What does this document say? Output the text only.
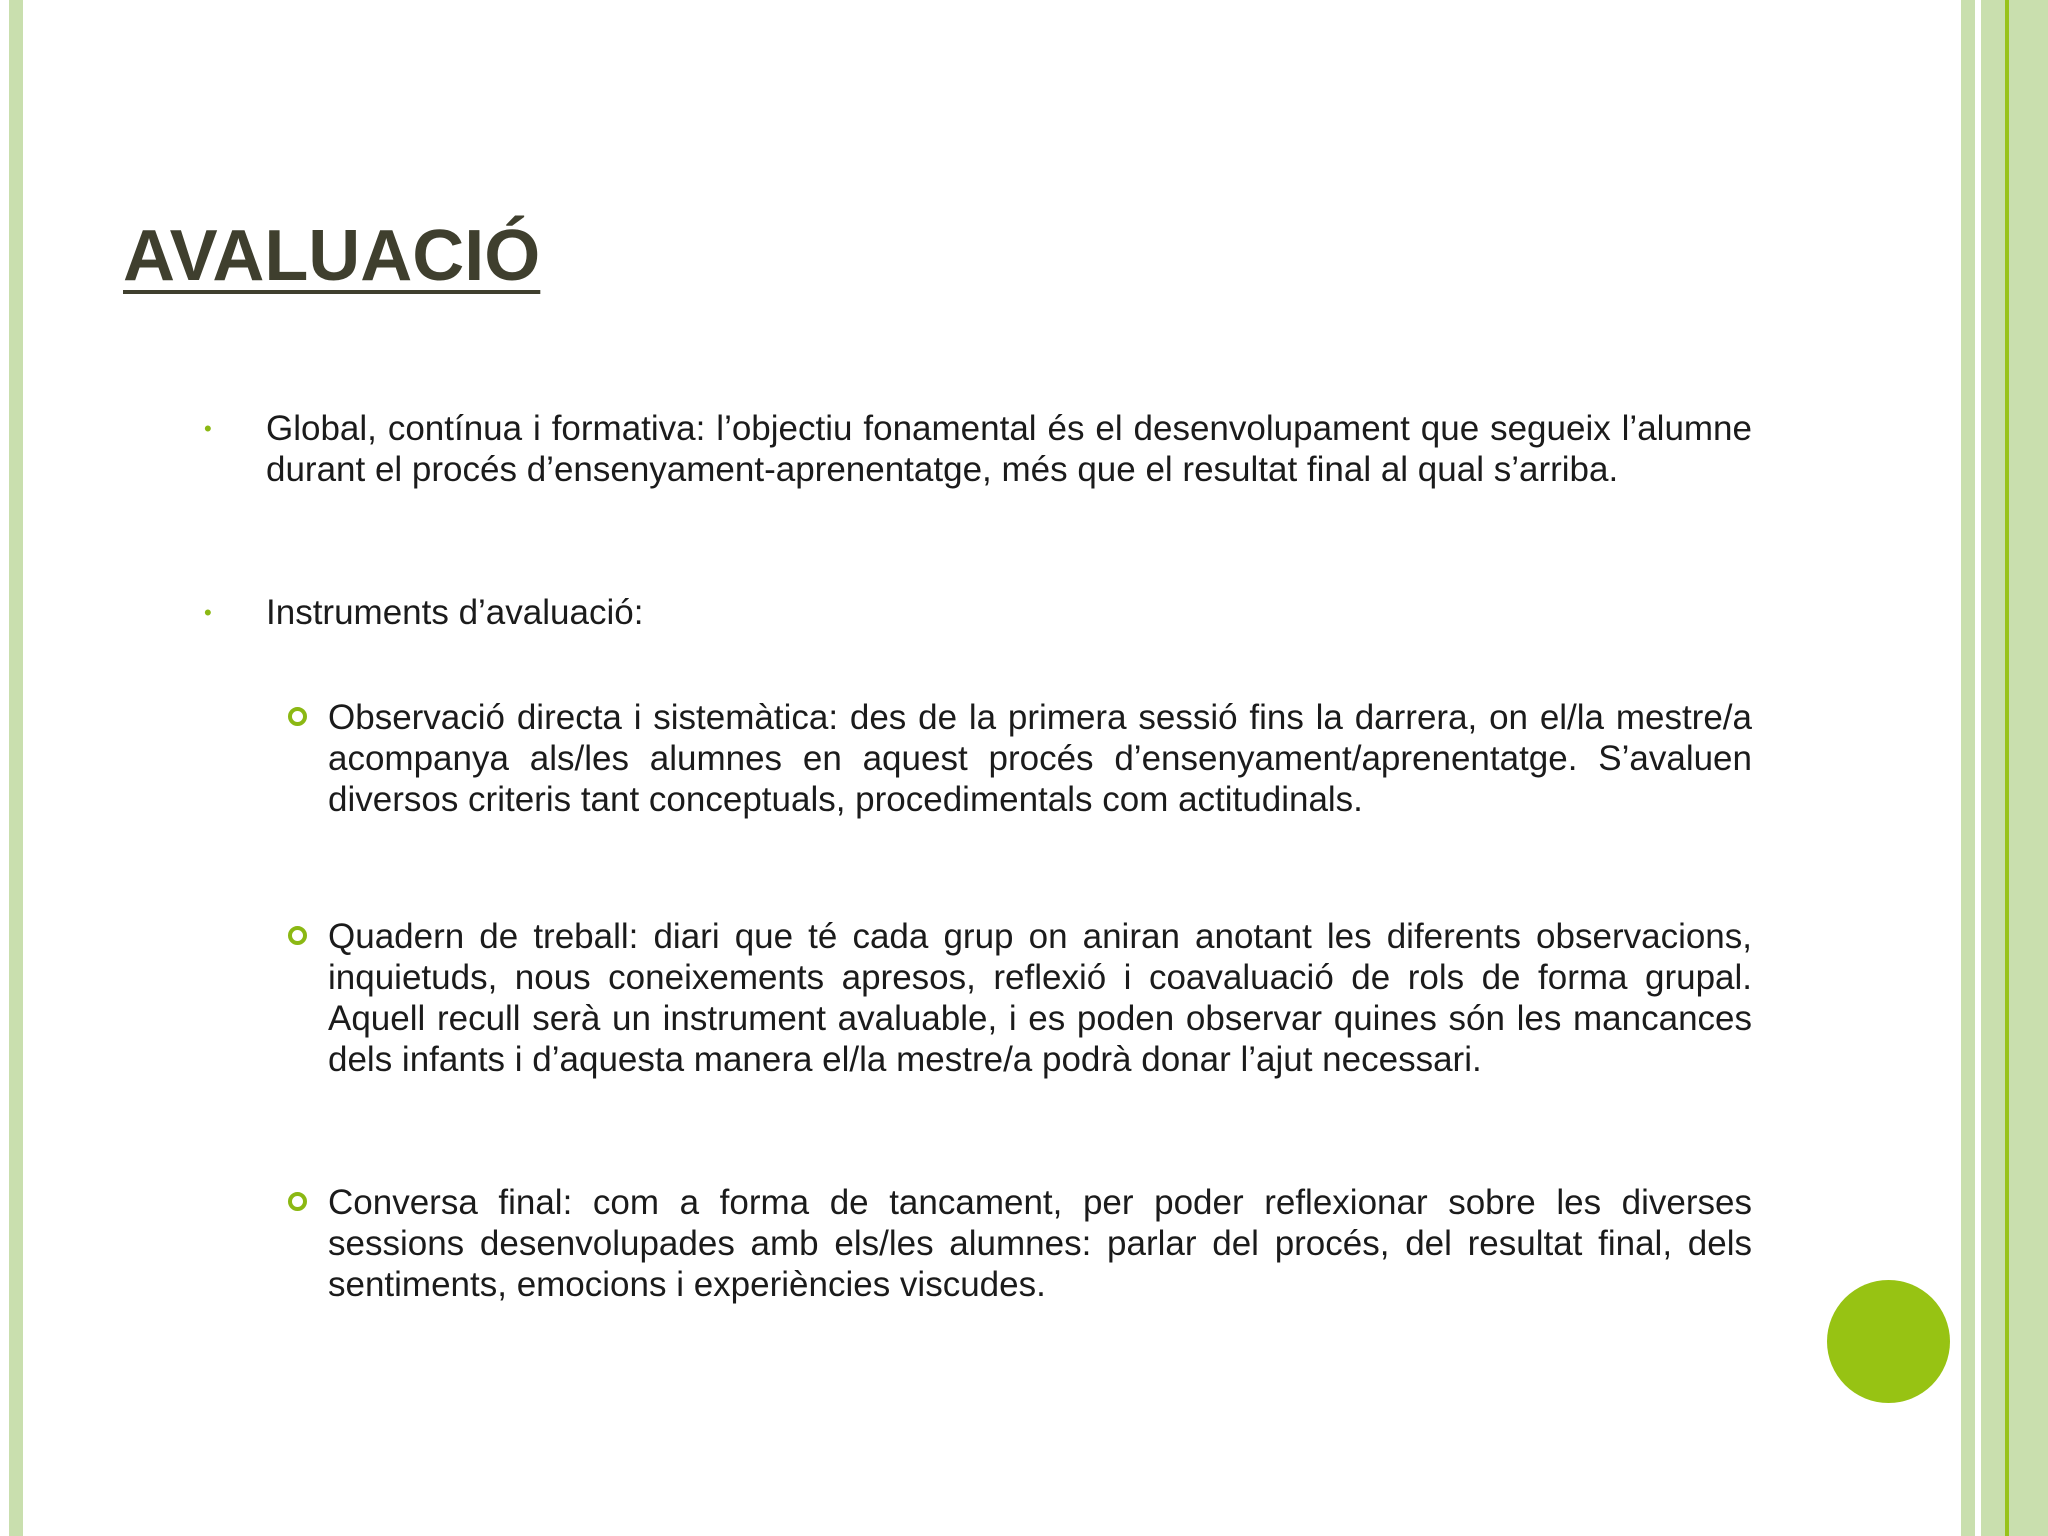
AVALUACIÓ
• Global, contínua i formativa: l’objectiu fonamental és el desenvolupament que segueix l’alumne durant el procés d’ensenyament-aprenentatge, més que el resultat final al qual s’arriba.
• Instruments d’avaluació:
Observació directa i sistemàtica: des de la primera sessió fins la darrera, on el/la mestre/a acompanya als/les alumnes en aquest procés d’ensenyament/aprenentatge. S’avaluen diversos criteris tant conceptuals, procedimentals com actitudinals.
Quadern de treball: diari que té cada grup on aniran anotant les diferents observacions, inquietuds, nous coneixements apresos, reflexió i coavaluació de rols de forma grupal. Aquell recull serà un instrument avaluable, i es poden observar quines són les mancances dels infants i d’aquesta manera el/la mestre/a podrà donar l’ajut necessari.
Conversa final: com a forma de tancament, per poder reflexionar sobre les diverses sessions desenvolupades amb els/les alumnes: parlar del procés, del resultat final, dels sentiments, emocions i experiències viscudes.
